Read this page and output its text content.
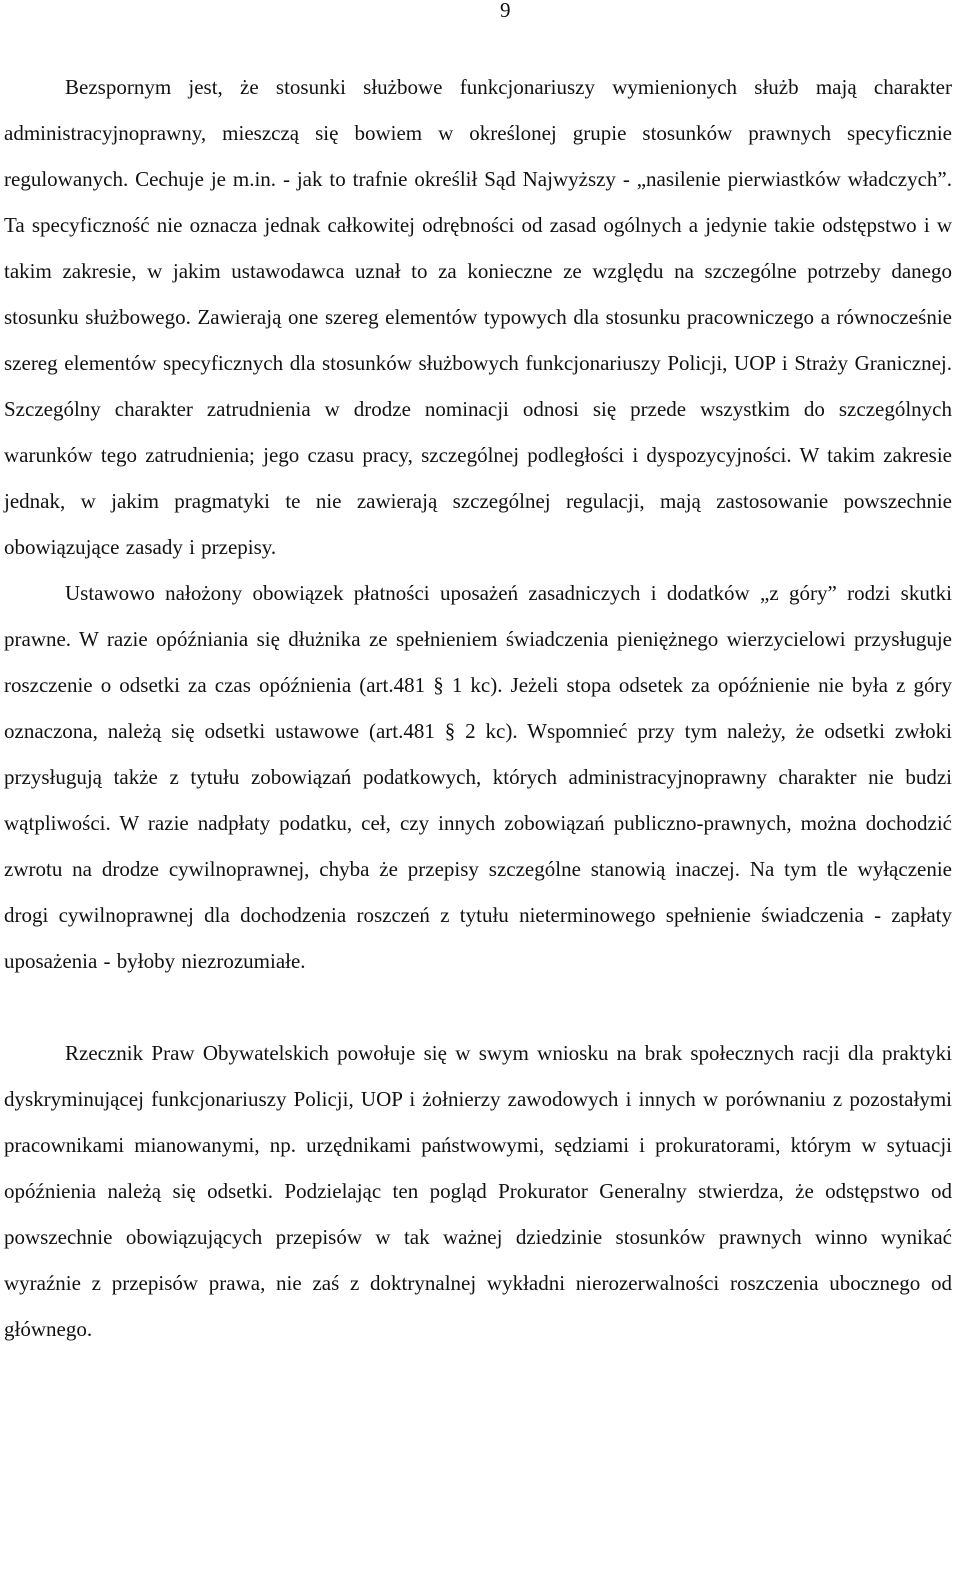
9

Bezspornym jest, że stosunki służbowe funkcjonariuszy wymienionych służb mają charakter administracyjnoprawny, mieszczą się bowiem w określonej grupie stosunków prawnych specyficznie regulowanych. Cechuje je m.in. - jak to trafnie określił Sąd Najwyższy - „nasilenie pierwiastków władczych”. Ta specyficzność nie oznacza jednak całkowitej odrębności od zasad ogólnych a jedynie takie odstępstwo i w takim zakresie, w jakim ustawodawca uznał to za konieczne ze względu na szczególne potrzeby danego stosunku służbowego. Zawierają one szereg elementów typowych dla stosunku pracowniczego a równocześnie szereg elementów specyficznych dla stosunków służbowych funkcjonariuszy Policji, UOP i Straży Granicznej. Szczególny charakter zatrudnienia w drodze nominacji odnosi się przede wszystkim do szczególnych warunków tego zatrudnienia; jego czasu pracy, szczególnej podległości i dyspozycyjności. W takim zakresie jednak, w jakim pragmatyki te nie zawierają szczególnej regulacji, mają zastosowanie powszechnie obowiązujące zasady i przepisy.

Ustawowo nałożony obowiązek płatności uposażeń zasadniczych i dodatków „z góry” rodzi skutki prawne. W razie opóźniania się dłużnika ze spełnieniem świadczenia pieniężnego wierzycielowi przysługuje roszczenie o odsetki za czas opóźnienia (art.481 § 1 kc). Jeżeli stopa odsetek za opóźnienie nie była z góry oznaczona, należą się odsetki ustawowe (art.481 § 2 kc). Wspomnieć przy tym należy, że odsetki zwłoki przysługują także z tytułu zobowiązań podatkowych, których administracyjnoprawny charakter nie budzi wątpliwości. W razie nadpłaty podatku, ceł, czy innych zobowiązań publiczno-prawnych, można dochodzić zwrotu na drodze cywilnoprawnej, chyba że przepisy szczególne stanowią inaczej. Na tym tle wyłączenie drogi cywilnoprawnej dla dochodzenia roszczeń z tytułu nieterminowego spełnienie świadczenia - zapłaty uposażenia - byłoby niezrozumiałe.

Rzecznik Praw Obywatelskich powołuje się w swym wniosku na brak społecznych racji dla praktyki dyskryminującej funkcjonariuszy Policji, UOP i żołnierzy zawodowych i innych w porównaniu z pozostałymi pracownikami mianowanymi, np. urzędnikami państwowymi, sędziami i prokuratorami, którym w sytuacji opóźnienia należą się odsetki. Podzielając ten pogląd Prokurator Generalny stwierdza, że odstępstwo od powszechnie obowiązujących przepisów w tak ważnej dziedzinie stosunków prawnych winno wynikać wyraźnie z przepisów prawa, nie zaś z doktrynalnej wykładni nierozerwalności roszczenia ubocznego od głównego.
